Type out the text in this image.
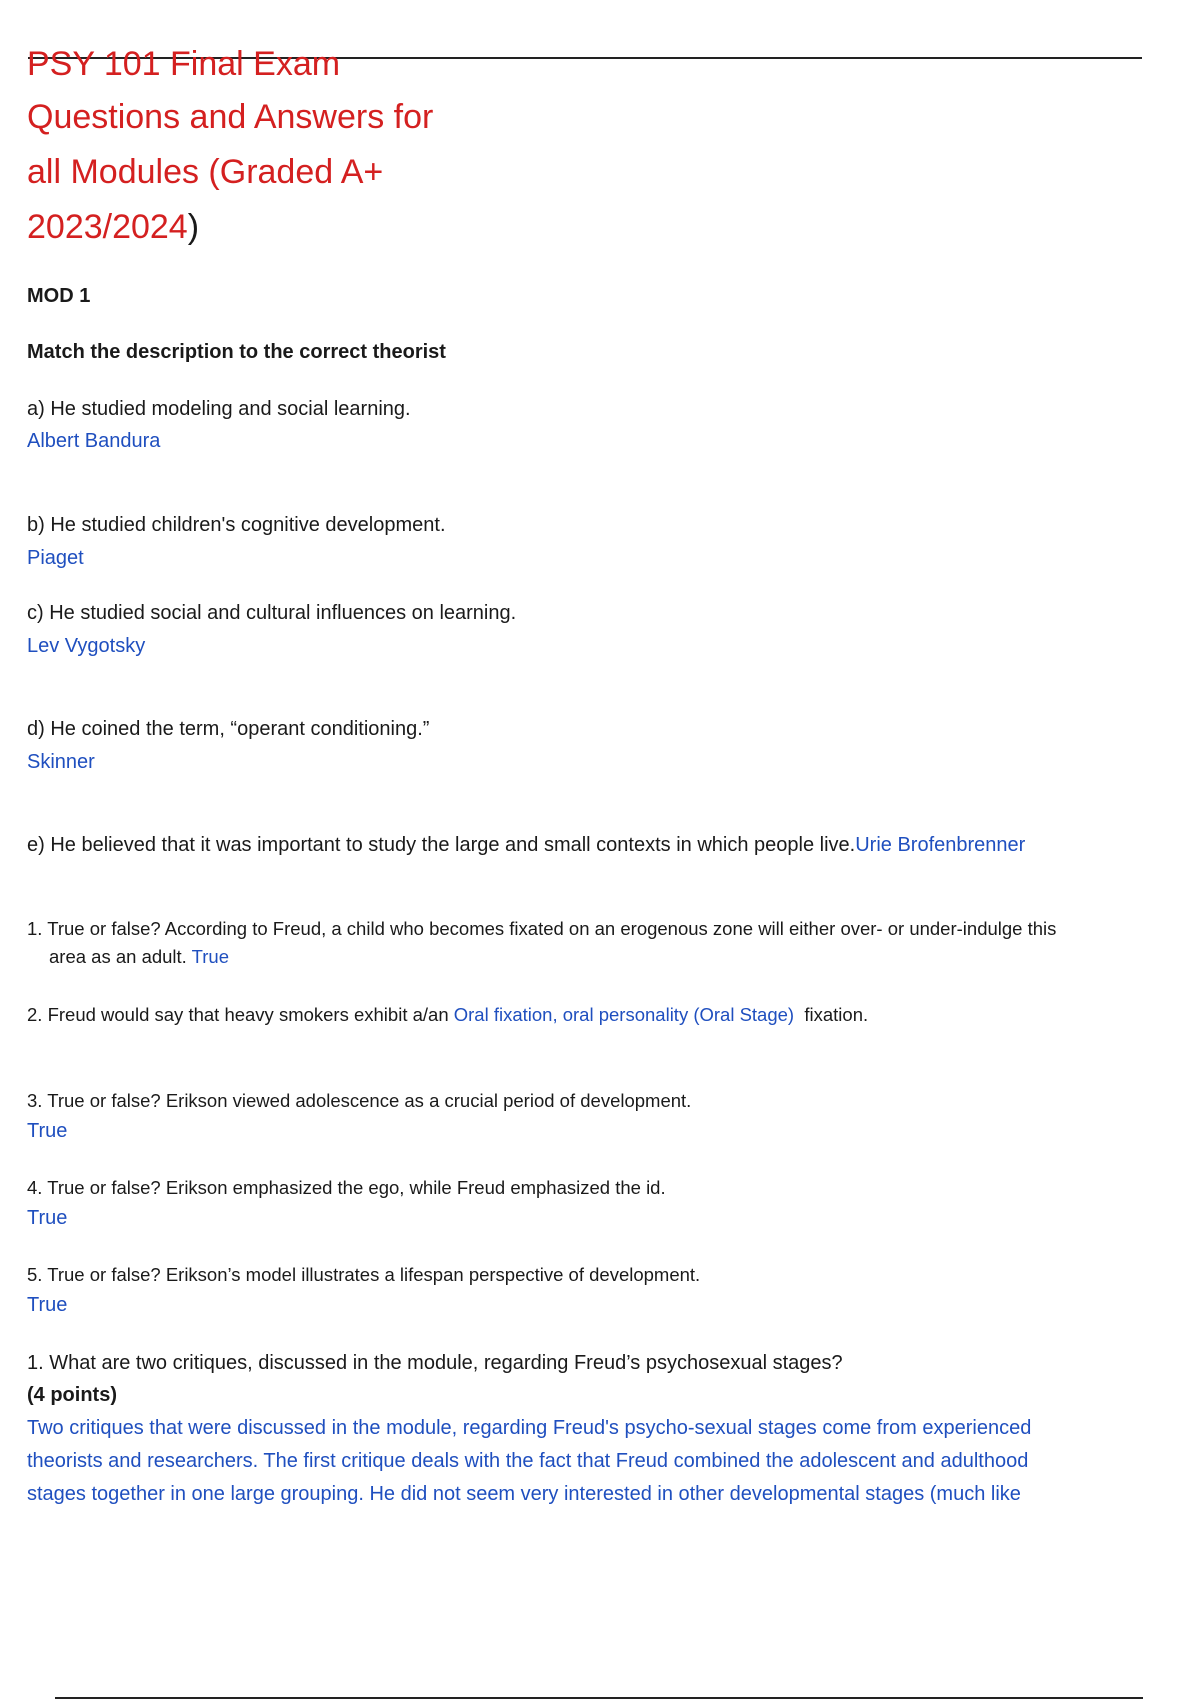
PSY 101 Final Exam
Questions and Answers for
all Modules (Graded A+
2023/2024)
MOD 1
Match the description to the correct theorist
a) He studied modeling and social learning.
Albert Bandura
b) He studied children's cognitive development.
Piaget
c) He studied social and cultural influences on learning.
Lev Vygotsky
d) He coined the term, “operant conditioning.”
Skinner
e) He believed that it was important to study the large and small contexts in which people live.Urie Brofenbrenner
1. True or false? According to Freud, a child who becomes fixated on an erogenous zone will either over- or under-indulge this
area as an adult. True
2. Freud would say that heavy smokers exhibit a/an Oral fixation, oral personality (Oral Stage) fixation.
3. True or false? Erikson viewed adolescence as a crucial period of development.
True
4. True or false? Erikson emphasized the ego, while Freud emphasized the id.
True
5. True or false? Erikson’s model illustrates a lifespan perspective of development.
True
1. What are two critiques, discussed in the module, regarding Freud’s psychosexual stages?
(4 points)
Two critiques that were discussed in the module, regarding Freud's psycho-sexual stages come from experienced
theorists and researchers. The first critique deals with the fact that Freud combined the adolescent and adulthood
stages together in one large grouping. He did not seem very interested in other developmental stages (much like
